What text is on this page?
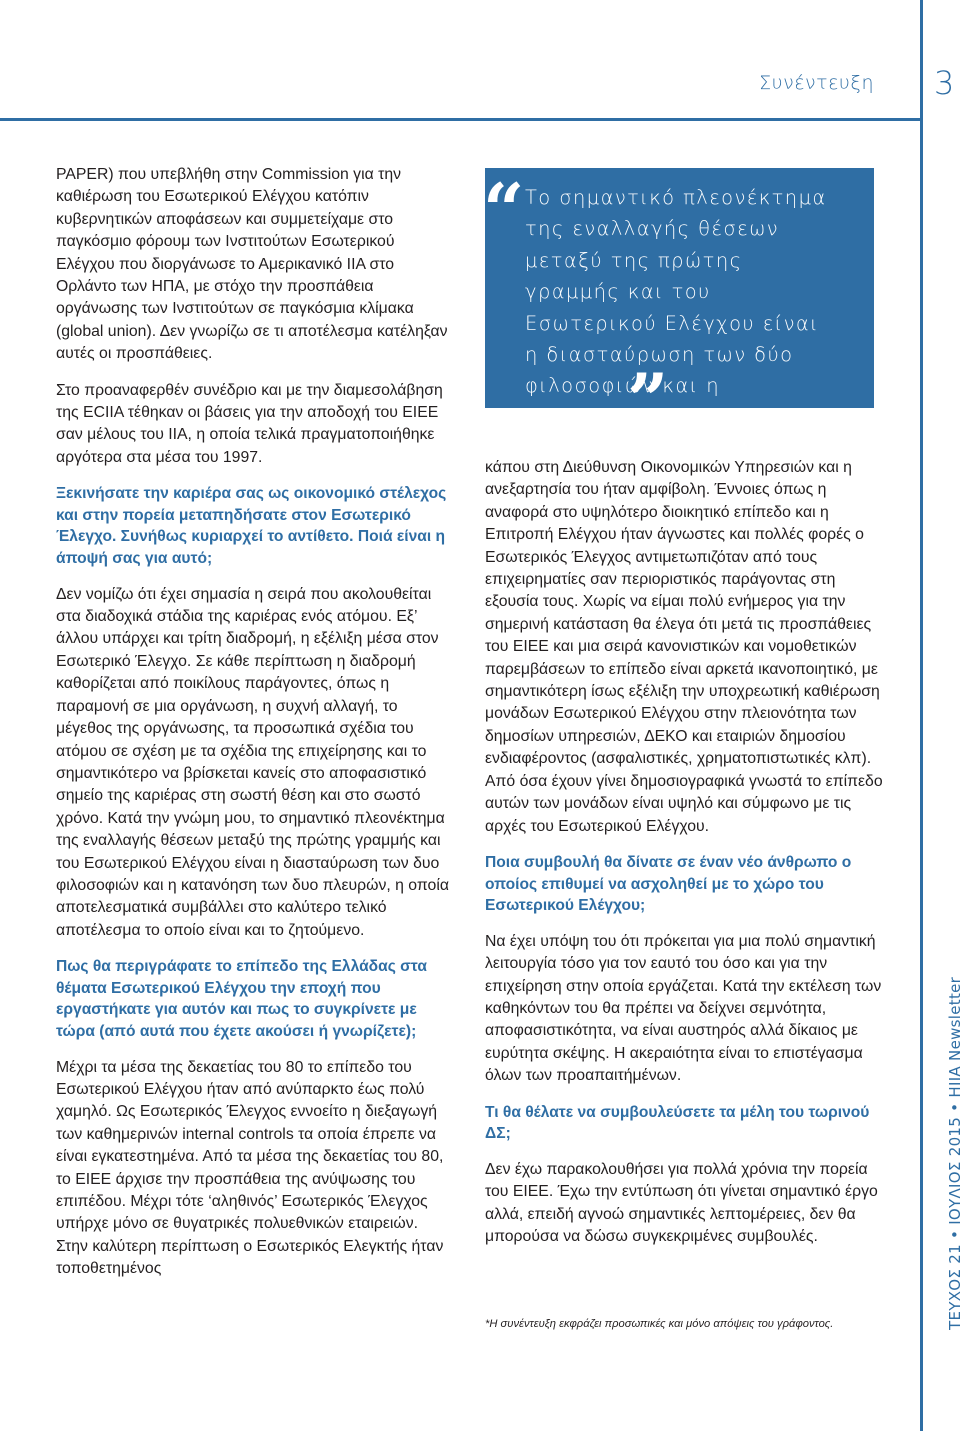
Συνέντευξη 3
ΤΕΥΧΟΣ 21 • ΙΟΥΛΙΟΣ 2015 • HIIA Newsletter

PAPER) που υπεβλήθη στην Commission για την καθιέρωση του Εσωτερικού Ελέγχου κατόπιν κυβερνητικών αποφάσεων και συμμετείχαμε στο παγκόσμιο φόρουμ των Ινστιτούτων Εσωτερικού Ελέγχου που διοργάνωσε το Αμερικανικό IIA στο Ορλάντο των ΗΠΑ, με στόχο την προσπάθεια οργάνωσης των Ινστιτούτων σε παγκόσμια κλίμακα (global union). Δεν γνωρίζω σε τι αποτέλεσμα κατέληξαν αυτές οι προσπάθειες.

Στο προαναφερθέν συνέδριο και με την διαμεσολάβηση της ECIIA τέθηκαν οι βάσεις για την αποδοχή του ΕΙΕΕ σαν μέλους του IIA, η οποία τελικά πραγματοποιήθηκε αργότερα στα μέσα του 1997.

Ξεκινήσατε την καριέρα σας ως οικονομικό στέλεχος και στην πορεία μεταπηδήσατε στον Εσωτερικό Έλεγχο. Συνήθως κυριαρχεί το αντίθετο. Ποιά είναι η άποψή σας για αυτό;

Δεν νομίζω ότι έχει σημασία η σειρά που ακολουθείται στα διαδοχικά στάδια της καριέρας ενός ατόμου. Εξ’ άλλου υπάρχει και τρίτη διαδρομή, η εξέλιξη μέσα στον Εσωτερικό Έλεγχο. Σε κάθε περίπτωση η διαδρομή καθορίζεται από ποικίλους παράγοντες, όπως η παραμονή σε μια οργάνωση, η συχνή αλλαγή, το μέγεθος της οργάνωσης, τα προσωπικά σχέδια του ατόμου σε σχέση με τα σχέδια της επιχείρησης και το σημαντικότερο να βρίσκεται κανείς στο αποφασιστικό σημείο της καριέρας στη σωστή θέση και στο σωστό χρόνο. Κατά την γνώμη μου, το σημαντικό πλεονέκτημα της εναλλαγής θέσεων μεταξύ της πρώτης γραμμής και του Εσωτερικού Ελέγχου είναι η διασταύρωση των δυο φιλοσοφιών και η κατανόηση των δυο πλευρών, η οποία αποτελεσματικά συμβάλλει στο καλύτερο τελικό αποτέλεσμα το οποίο είναι και το ζητούμενο.

Πως θα περιγράφατε το επίπεδο της Ελλάδας στα θέματα Εσωτερικού Ελέγχου την εποχή που εργαστήκατε για αυτόν και πως το συγκρίνετε με τώρα (από αυτά που έχετε ακούσει ή γνωρίζετε);

Μέχρι τα μέσα της δεκαετίας του 80 το επίπεδο του Εσωτερικού Ελέγχου ήταν από ανύπαρκτο έως πολύ χαμηλό. Ως Εσωτερικός Έλεγχος εννοείτο η διεξαγωγή των καθημερινών internal controls τα οποία έπρεπε να είναι εγκατεστημένα. Από τα μέσα της δεκαετίας του 80, το ΕΙΕΕ άρχισε την προσπάθεια της ανύψωσης του επιπέδου. Μέχρι τότε ‘αληθινός’ Εσωτερικός Έλεγχος υπήρχε μόνο σε θυγατρικές πολυεθνικών εταιρειών. Στην καλύτερη περίπτωση ο Εσωτερικός Ελεγκτής ήταν τοποθετημένος

“ Το σημαντικό πλεονέκτημα της εναλλαγής θέσεων μεταξύ της πρώτης γραμμής και του Εσωτερικού Ελέγχου είναι η διασταύρωση των δύο φιλοσοφιών και η κατανόηση των δύο πλευρών.
”

κάπου στη Διεύθυνση Οικονομικών Υπηρεσιών και η ανεξαρτησία του ήταν αμφίβολη. Έννοιες όπως η αναφορά στο υψηλότερο διοικητικό επίπεδο και η Επιτροπή Ελέγχου ήταν άγνωστες και πολλές φορές ο Εσωτερικός Έλεγχος αντιμετωπιζόταν από τους επιχειρηματίες σαν περιοριστικός παράγοντας στη εξουσία τους. Χωρίς να είμαι πολύ ενήμερος για την σημερινή κατάσταση θα έλεγα ότι μετά τις προσπάθειες του ΕΙΕΕ και μια σειρά κανονιστικών και νομοθετικών παρεμβάσεων το επίπεδο είναι αρκετά ικανοποιητικό, με σημαντικότερη ίσως εξέλιξη την υποχρεωτική καθιέρωση μονάδων Εσωτερικού Ελέγχου στην πλειονότητα των δημοσίων υπηρεσιών, ΔΕΚΟ και εταιριών δημοσίου ενδιαφέροντος (ασφαλιστικές, χρηματοπιστωτικές κλπ). Από όσα έχουν γίνει δημοσιογραφικά γνωστά το επίπεδο αυτών των μονάδων είναι υψηλό και σύμφωνο με τις αρχές του Εσωτερικού Ελέγχου.

Ποια συμβουλή θα δίνατε σε έναν νέο άνθρωπο ο οποίος επιθυμεί να ασχοληθεί με το χώρο του Εσωτερικού Ελέγχου;

Να έχει υπόψη του ότι πρόκειται για μια πολύ σημαντική λειτουργία τόσο για τον εαυτό του όσο και για την επιχείρηση στην οποία εργάζεται. Κατά την εκτέλεση των καθηκόντων του θα πρέπει να δείχνει σεμνότητα, αποφασιστικότητα, να είναι αυστηρός αλλά δίκαιος με ευρύτητα σκέψης. Η ακεραιότητα είναι το επιστέγασμα όλων των προαπαιτήμένων.

Τι θα θέλατε να συμβουλεύσετε τα μέλη του τωρινού ΔΣ;

Δεν έχω παρακολουθήσει για πολλά χρόνια την πορεία του ΕΙΕΕ. Έχω την εντύπωση ότι γίνεται σημαντικό έργο αλλά, επειδή αγνοώ σημαντικές λεπτομέρειες, δεν θα μπορούσα να δώσω συγκεκριμένες συμβουλές.

*Η συνέντευξη εκφράζει προσωπικές και μόνο απόψεις του γράφοντος.
